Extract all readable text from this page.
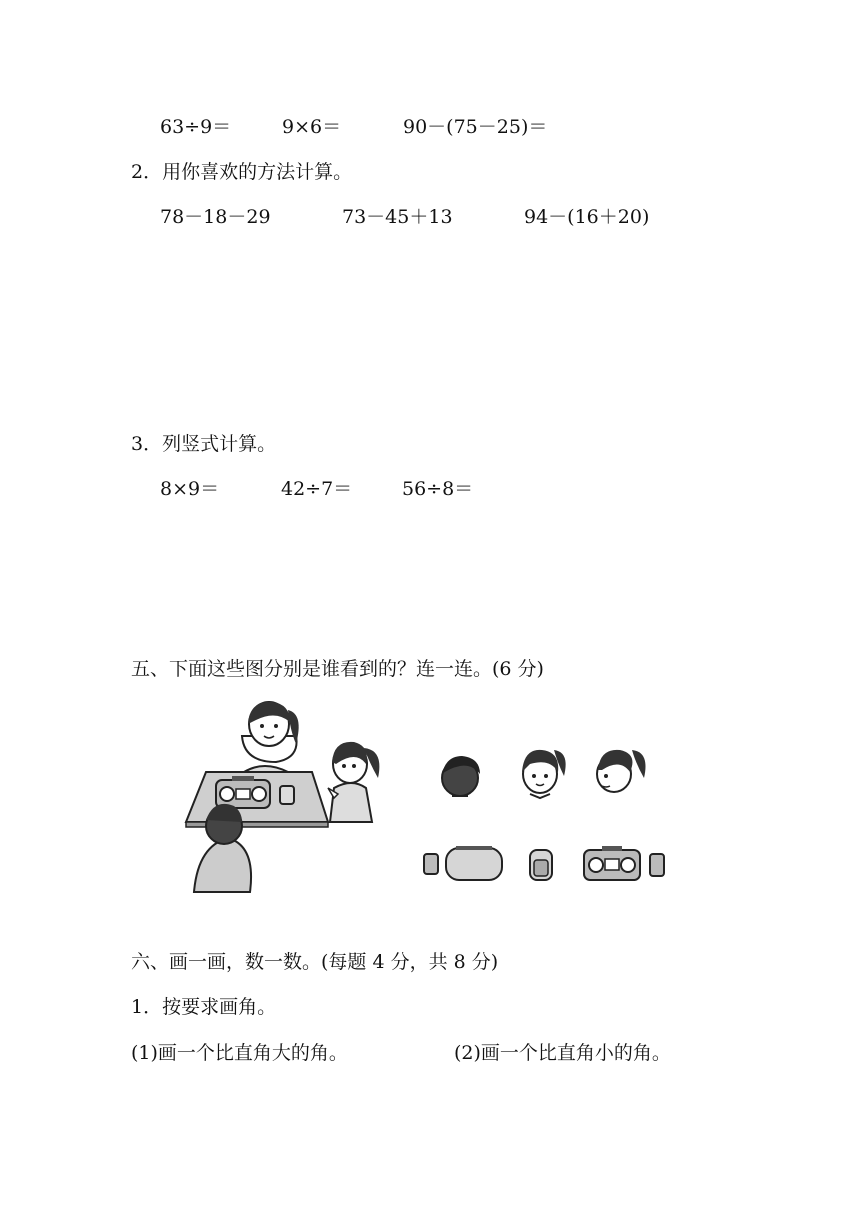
63÷9＝	9×6＝	90－(75－25)＝
2．用你喜欢的方法计算。
78－18－29	73－45＋13	94－(16＋20)
3．列竖式计算。
8×9＝	42÷7＝	56÷8＝
五、下面这些图分别是谁看到的？连一连。(6 分)
六、画一画，数一数。(每题 4 分，共 8 分)
1．按要求画角。
(1)画一个比直角大的角。	(2)画一个比直角小的角。
